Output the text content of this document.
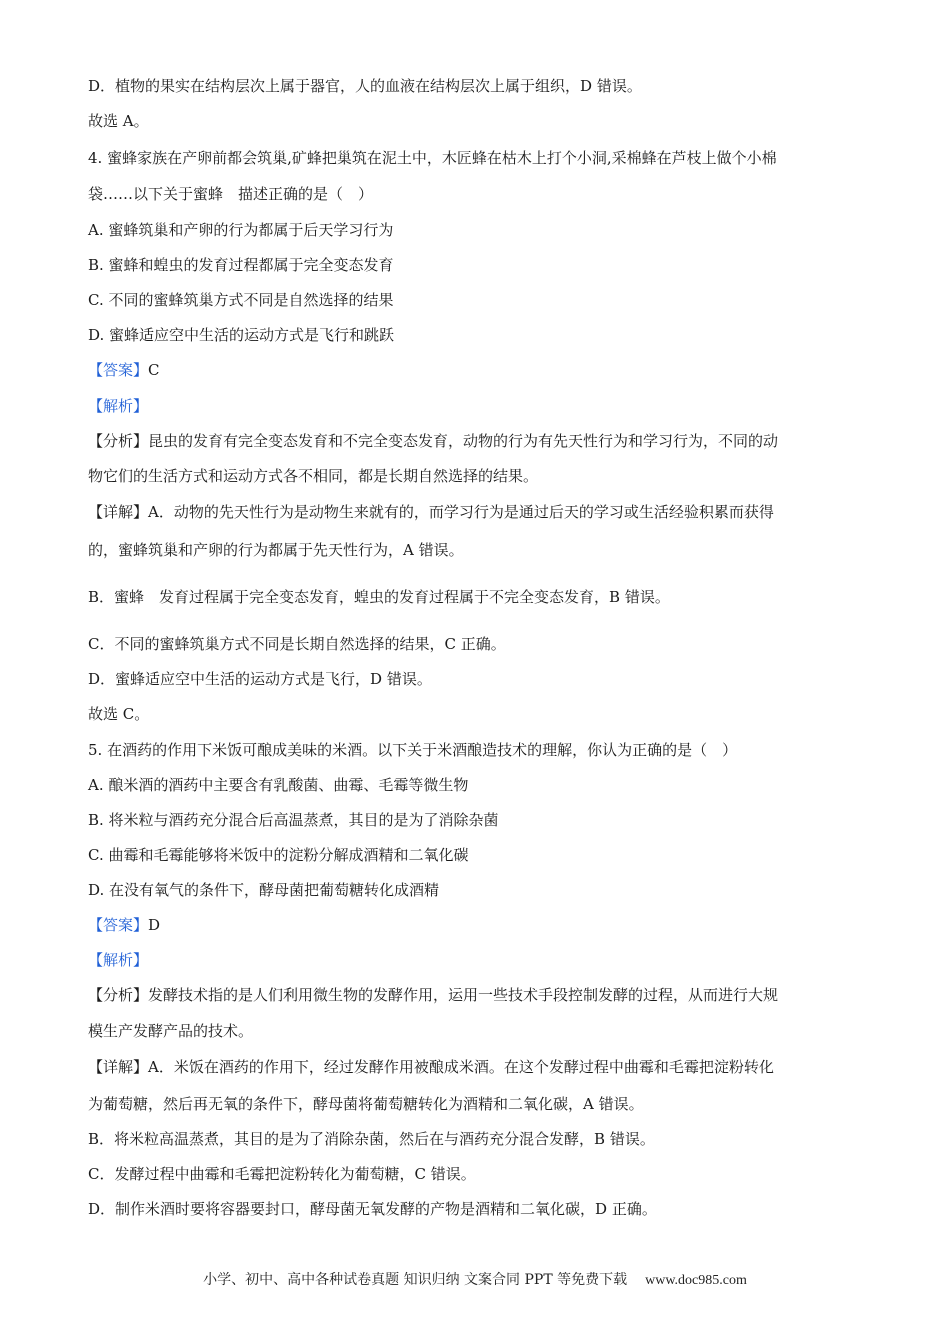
D．植物的果实在结构层次上属于器官，人的血液在结构层次上属于组织，D 错误。
故选 A。
4. 蜜蜂家族在产卵前都会筑巢,矿蜂把巢筑在泥土中，木匠蜂在枯木上打个小洞,采棉蜂在芦枝上做个小棉
袋……以下关于蜜蜂　描述正确的是（　）
A. 蜜蜂筑巢和产卵的行为都属于后天学习行为
B. 蜜蜂和蝗虫的发育过程都属于完全变态发育
C. 不同的蜜蜂筑巢方式不同是自然选择的结果
D. 蜜蜂适应空中生活的运动方式是飞行和跳跃
【答案】C
【解析】
【分析】昆虫的发育有完全变态发育和不完全变态发育，动物的行为有先天性行为和学习行为，不同的动
物它们的生活方式和运动方式各不相同，都是长期自然选择的结果。
【详解】A．动物的先天性行为是动物生来就有的，而学习行为是通过后天的学习或生活经验积累而获得
的，蜜蜂筑巢和产卵的行为都属于先天性行为，A 错误。
B．蜜蜂　发育过程属于完全变态发育，蝗虫的发育过程属于不完全变态发育，B 错误。
C．不同的蜜蜂筑巢方式不同是长期自然选择的结果，C 正确。
D．蜜蜂适应空中生活的运动方式是飞行，D 错误。
故选 C。
5. 在酒药的作用下米饭可酿成美味的米酒。以下关于米酒酿造技术的理解，你认为正确的是（　）
A. 酿米酒的酒药中主要含有乳酸菌、曲霉、毛霉等微生物
B. 将米粒与酒药充分混合后高温蒸煮，其目的是为了消除杂菌
C. 曲霉和毛霉能够将米饭中的淀粉分解成酒精和二氧化碳
D. 在没有氧气的条件下，酵母菌把葡萄糖转化成酒精
【答案】D
【解析】
【分析】发酵技术指的是人们利用微生物的发酵作用，运用一些技术手段控制发酵的过程，从而进行大规
模生产发酵产品的技术。
【详解】A．米饭在酒药的作用下，经过发酵作用被酿成米酒。在这个发酵过程中曲霉和毛霉把淀粉转化
为葡萄糖，然后再无氧的条件下，酵母菌将葡萄糖转化为酒精和二氧化碳，A 错误。
B．将米粒高温蒸煮，其目的是为了消除杂菌，然后在与酒药充分混合发酵，B 错误。
C．发酵过程中曲霉和毛霉把淀粉转化为葡萄糖，C 错误。
D．制作米酒时要将容器要封口，酵母菌无氧发酵的产物是酒精和二氧化碳，D 正确。
小学、初中、高中各种试卷真题 知识归纳 文案合同 PPT 等免费下载 www.doc985.com
